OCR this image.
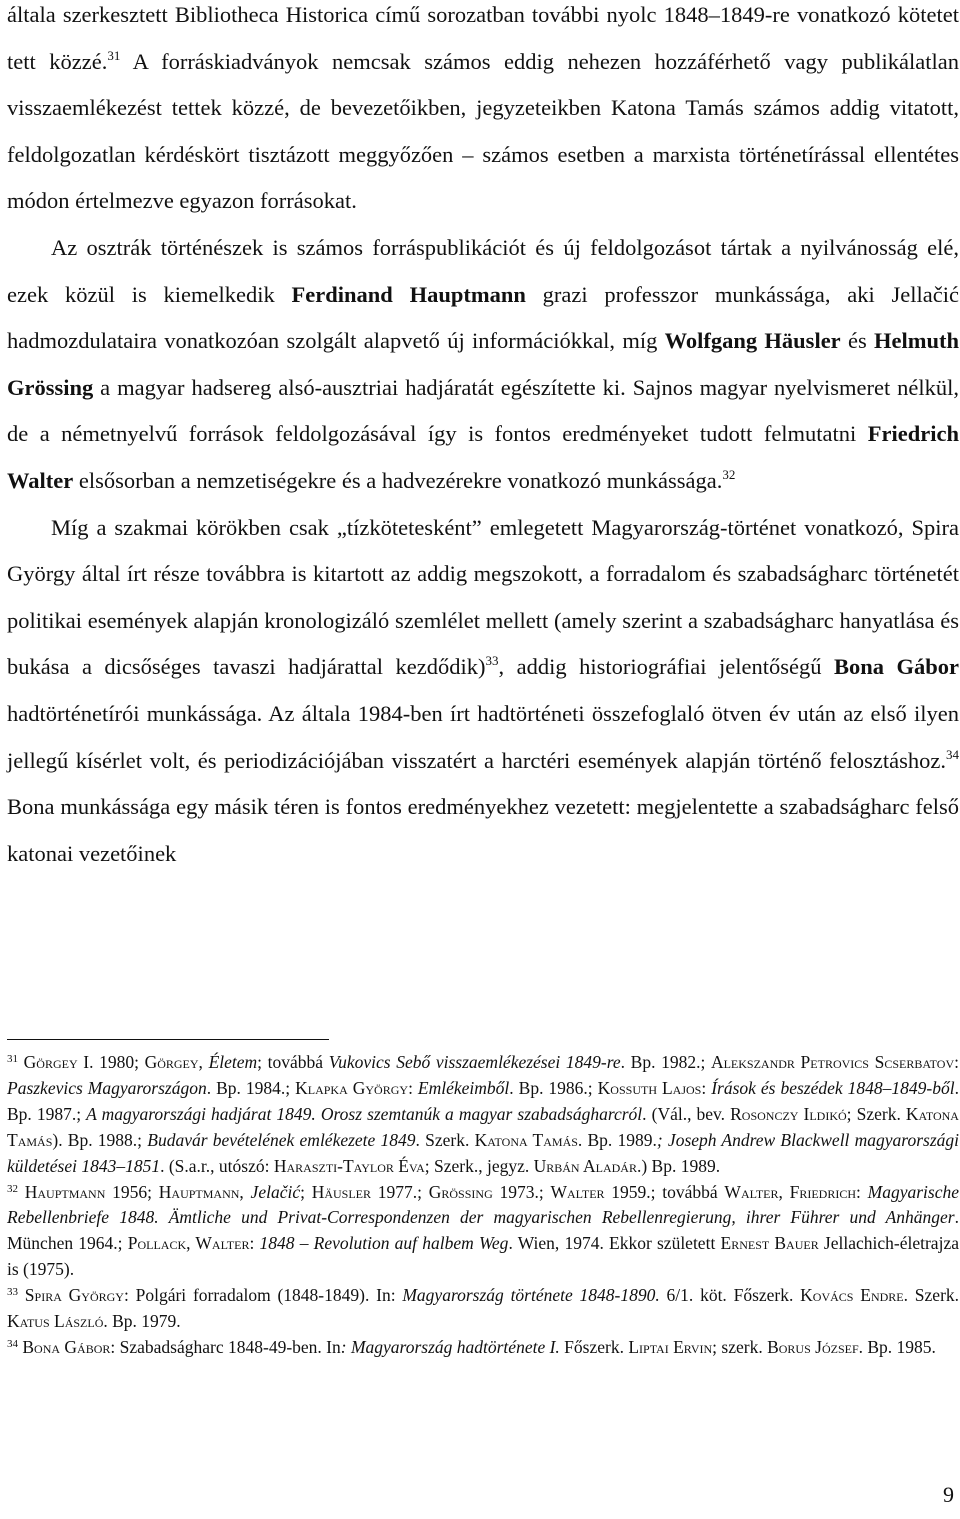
általa szerkesztett Bibliotheca Historica című sorozatban további nyolc 1848–1849-re vonatkozó kötetet tett közzé.$^{31}$ A forráskiadványok nemcsak számos eddig nehezen hozzáférhető vagy publikálatlan visszaemlékezést tettek közzé, de bevezetőikben, jegyzeteikben Katona Tamás számos addig vitatott, feldolgozatlan kérdéskört tisztázott meggyőzően – számos esetben a marxista történetírással ellentétes módon értelmezve egyazon forrásokat.

Az osztrák történészek is számos forráspublikációt és új feldolgozásot tártak a nyilvánosság elé, ezek közül is kiemelkedik Ferdinand Hauptmann grazi professzor munkássága, aki Jellačić hadmozdulataira vonatkozóan szolgált alapvető új információkkal, míg Wolfgang Häusler és Helmuth Grössing a magyar hadsereg alsó-ausztriai hadjáratát egészítette ki. Sajnos magyar nyelvismeret nélkül, de a németnyelvű források feldolgozásával így is fontos eredményeket tudott felmutatni Friedrich Walter elsősorban a nemzetiségekre és a hadvezérekre vonatkozó munkássága.$^{32}$

Míg a szakmai körökben csak „tízkötetesként” emlegetett Magyarország-történet vonatkozó, Spira György által írt része továbbra is kitartott az addig megszokott, a forradalom és szabadságharc történetét politikai események alapján kronologizáló szemlélet mellett (amely szerint a szabadságharc hanyatlása és bukása a dicsőséges tavaszi hadjárattal kezdődik)$^{33}$, addig historiográfiai jelentőségű Bona Gábor hadtörténetírói munkássága. Az általa 1984-ben írt hadtörténeti összefoglaló ötven év után az első ilyen jellegű kísérlet volt, és periodizációjában visszatért a harctéri események alapján történő felosztáshoz.$^{34}$ Bona munkássága egy másik téren is fontos eredményekhez vezetett: megjelentette a szabadságharc felső katonai vezetőinek

$^{31}$ Görgey I. 1980; Görgey, Életem; továbbá Vukovics Sebő visszaemlékezései 1849-re. Bp. 1982.; Alekszandr Petrovics Scserbatov: Paszkevics Magyarországon. Bp. 1984.; Klapka György: Emlékeimből. Bp. 1986.; Kossuth Lajos: Írások és beszédek 1848–1849-ből. Bp. 1987.; A magyarországi hadjárat 1849. Orosz szemtanúk a magyar szabadságharcról. (Vál., bev. Rosonczy Ildikó; Szerk. Katona Tamás). Bp. 1988.; Budavár bevételének emlékezete 1849. Szerk. Katona Tamás. Bp. 1989.; Joseph Andrew Blackwell magyarországi küldetései 1843–1851. (S.a.r., utószó: Haraszti-Taylor Éva; Szerk., jegyz. Urbán Aladár.) Bp. 1989.

$^{32}$ Hauptmann 1956; Hauptmann, Jelačić; Häusler 1977.; Grössing 1973.; Walter 1959.; továbbá Walter, Friedrich: Magyarische Rebellenbriefe 1848. Ämtliche und Privat-Correspondenzen der magyarischen Rebellenregierung, ihrer Führer und Anhänger. München 1964.; Pollack, Walter: 1848 – Revolution auf halbem Weg. Wien, 1974. Ekkor született Ernest Bauer Jellachich-életrajza is (1975).

$^{33}$ Spira György: Polgári forradalom (1848-1849). In: Magyarország története 1848-1890. 6/1. köt. Főszerk. Kovács Endre. Szerk. Katus László. Bp. 1979.

$^{34}$ Bona Gábor: Szabadságharc 1848-49-ben. In: Magyarország hadtörténete I. Főszerk. Liptai Ervin; szerk. Borus József. Bp. 1985.

9
